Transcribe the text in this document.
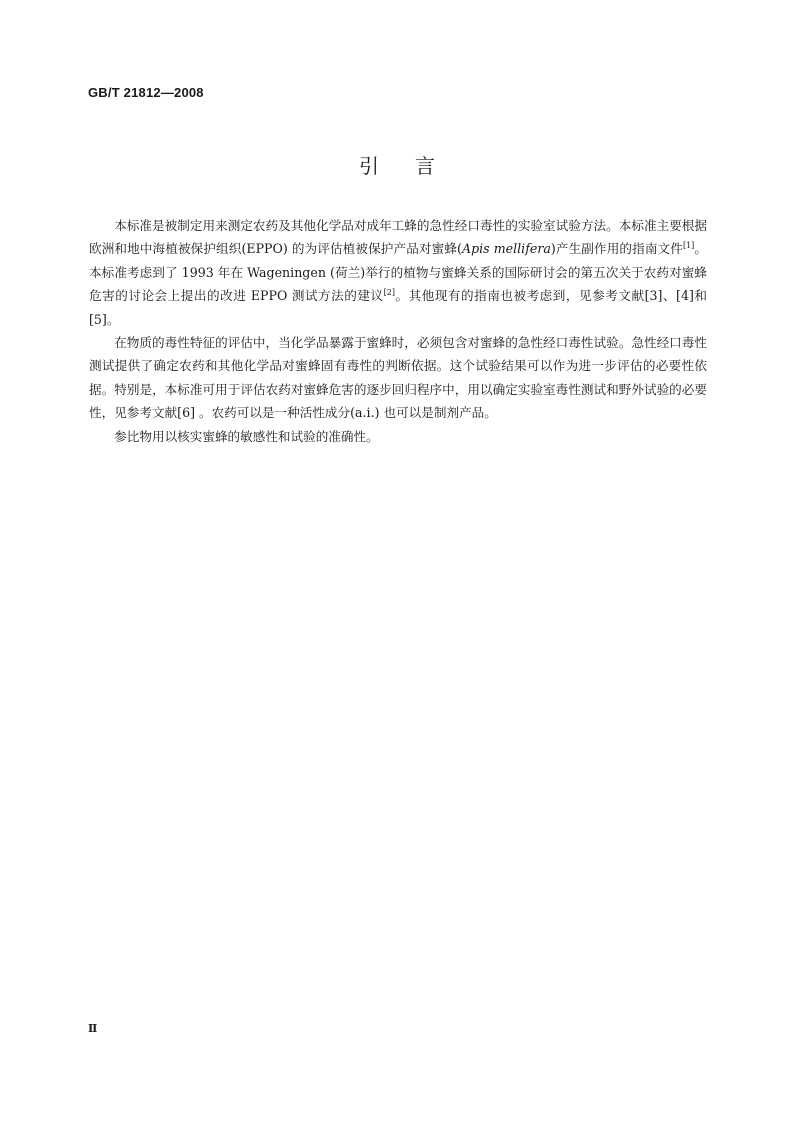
GB/T 21812—2008
引言

本标准是被制定用来测定农药及其他化学品对成年工蜂的急性经口毒性的实验室试验方法。本标准主要根据欧洲和地中海植被保护组织(EPPO) 的为评估植被保护产品对蜜蜂(Apis mellifera)产生副作用的指南文件[1]。本标准考虑到了 1993 年在 Wageningen (荷兰)举行的植物与蜜蜂关系的国际研讨会的第五次关于农药对蜜蜂危害的讨论会上提出的改进 EPPO 测试方法的建议[2]。其他现有的指南也被考虑到，见参考文献[3]、[4]和[5]。

在物质的毒性特征的评估中，当化学品暴露于蜜蜂时，必须包含对蜜蜂的急性经口毒性试验。急性经口毒性测试提供了确定农药和其他化学品对蜜蜂固有毒性的判断依据。这个试验结果可以作为进一步评估的必要性依据。特别是，本标准可用于评估农药对蜜蜂危害的逐步回归程序中，用以确定实验室毒性测试和野外试验的必要性，见参考文献[6] 。农药可以是一种活性成分(a.i.) 也可以是制剂产品。

参比物用以核实蜜蜂的敏感性和试验的准确性。

Ⅱ
